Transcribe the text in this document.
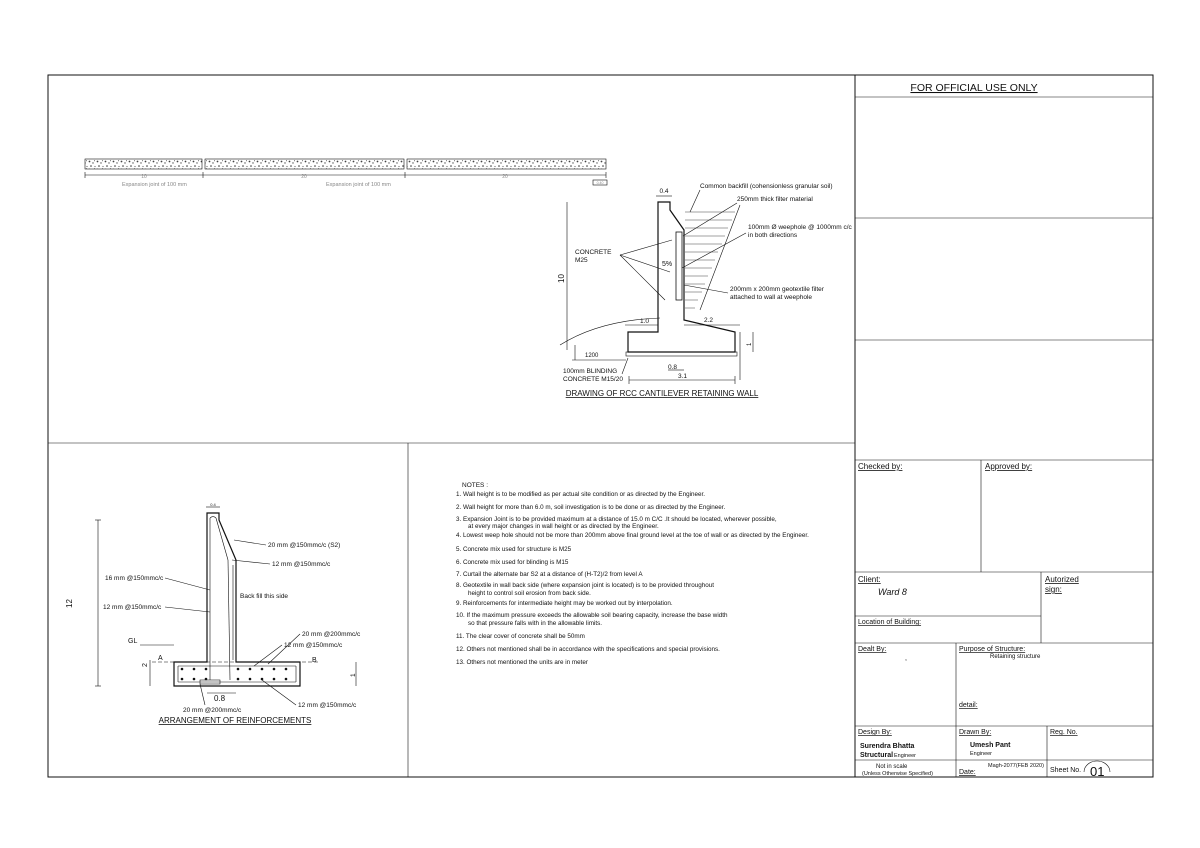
FOR OFFICIAL USE ONLY
Checked by:	Approved by:
Client:
Ward 8
Autorized
sign:
Location of Building:
Dealt By:
,
Purpose of Structure:
Retaining structure
detail:
Design By:
Surendra Bhatta
Structural Engineer
Drawn By:
Umesh Pant
Engineer
Reg. No.
Not in scale
(Unless Otherwise Specified)	Date:
Magh-2077(FEB 2020)
Sheet No. 01
10	20	20
0.40
Expansion joint of 100 mm	Expansion joint of 100 mm
0.4
10
1.0	2.2
1
3.1
0.8
1200
Common backfill (cohensionless granular soil)
250mm thick filter material
100mm Ø weephole @ 1000mm c/c
in both directions
200mm x 200mm geotextile filter
attached to wall at weephole
CONCRETE
M25
5%
100mm BLINDING
CONCRETE M15/20
DRAWING OF RCC CANTILEVER RETAINING WALL
GL
2
A	B
1
12
0.4
0.8
20 mm @150mmc/c (S2)
12 mm @150mmc/c
16 mm @150mmc/c
12 mm @150mmc/c
Back fill this side
20 mm @200mmc/c
12 mm @150mmc/c
20 mm @200mmc/c
12 mm @150mmc/c
ARRANGEMENT OF REINFORCEMENTS
NOTES :
1. Wall height is to be modified as per actual site condition or as directed by the Engineer.
2. Wall height for more than 6.0 m, soil investigation is to be done or as directed by the Engineer.
3. Expansion Joint is to be provided maximum at a distance of 15.0 m C/C .It should be located, wherever possible,
at every major changes in wall height or as directed by the Engineer.
4. Lowest weep hole should not be more than 200mm above final ground level at the toe of wall or as directed by the Engineer.
5. Concrete mix used for structure is M25
6. Concrete mix used for blinding is M15
7. Curtail the alternate bar S2 at a distance of (H-T2)/2 from level A
8. Geotextile in wall back side (where expansion joint is located) is to be provided throughout
height to control soil erosion from back side.
9. Reinforcements for intermediate height may be worked out by interpolation.
10. If the maximum pressure exceeds the allowable soil bearing capacity, increase the base width
so that pressure falls with in the allowable limits.
11. The clear cover of concrete shall be 50mm
12. Others not mentioned shall be in accordance with the specifications and special provisions.
13. Others not mentioned the units are in meter
